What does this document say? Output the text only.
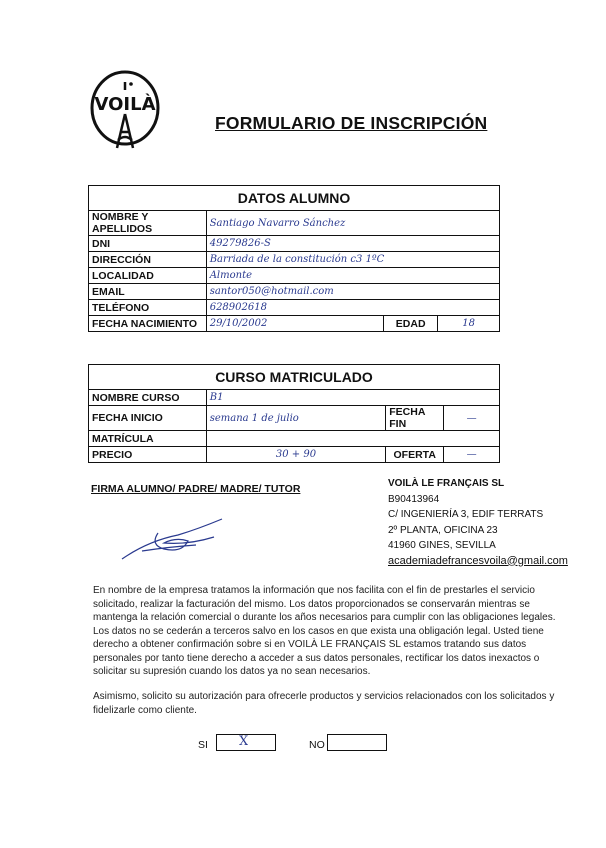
VOILÀ
FORMULARIO DE INSCRIPCIÓN
DATOS ALUMNO			
NOMBRE Y APELLIDOS	Santiago Navarro Sánchez		
DNI	49279826-S		
DIRECCIÓN	Barriada de la constitución c3 1ºC		
LOCALIDAD	Almonte		
EMAIL	santor050@hotmail.com		
TELÉFONO	628902618		
FECHA NACIMIENTO	29/10/2002	EDAD	18
CURSO MATRICULADO			
NOMBRE CURSO	B1		
FECHA INICIO	semana 1 de julio	FECHA FIN	—
MATRÍCULA			
PRECIO	30 + 90	OFERTA	—
FIRMA ALUMNO/ PADRE/ MADRE/ TUTOR	VOILÀ LE FRANÇAIS SL
B90413964
C/ INGENIERÍA 3, EDIF TERRATS
2º PLANTA, OFICINA 23
41960 GINES, SEVILLA
academiadefrancesvoila@gmail.com
En nombre de la empresa tratamos la información que nos facilita con el fin de prestarles el servicio solicitado, realizar la facturación del mismo. Los datos proporcionados se conservarán mientras se mantenga la relación comercial o durante los años necesarios para cumplir con las obligaciones legales. Los datos no se cederán a terceros salvo en los casos en que exista una obligación legal. Usted tiene derecho a obtener confirmación sobre si en VOILÀ LE FRANÇAIS SL estamos tratando sus datos personales por tanto tiene derecho a acceder a sus datos personales, rectificar los datos inexactos o solicitar su supresión cuando los datos ya no sean necesarios.
Asimismo, solicito su autorización para ofrecerle productos y servicios relacionados con los solicitados y fidelizarle como cliente.
SI X	NO
